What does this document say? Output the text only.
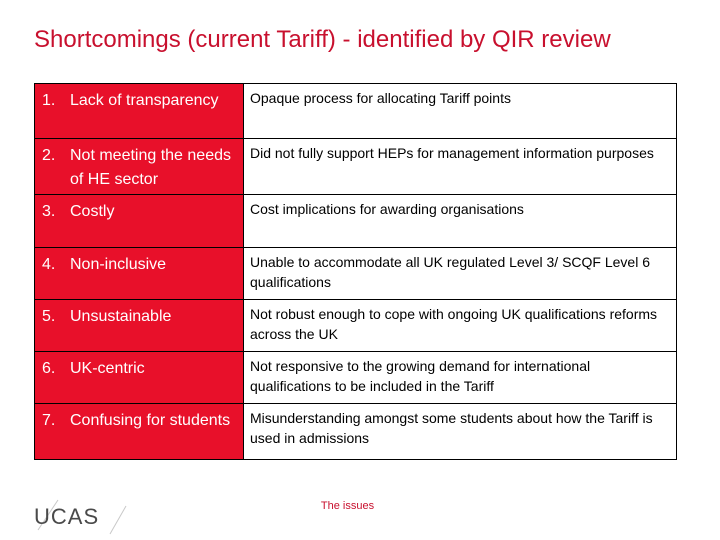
Shortcomings (current Tariff) - identified by QIR review
1. Lack of transparency	Opaque process for allocating Tariff points

2. Not meeting the needs of HE sector	Did not fully support HEPs for management information purposes

3. Costly	Cost implications for awarding organisations

4. Non-inclusive	Unable to accommodate all UK regulated Level 3/ SCQF Level 6 qualifications

5. Unsustainable	Not robust enough to cope with ongoing UK qualifications reforms across the UK

6. UK-centric	Not responsive to the growing demand for international qualifications to be included in the Tariff

7. Confusing for students	Misunderstanding amongst some students about how the Tariff is used in admissions
UCAS	The issues
